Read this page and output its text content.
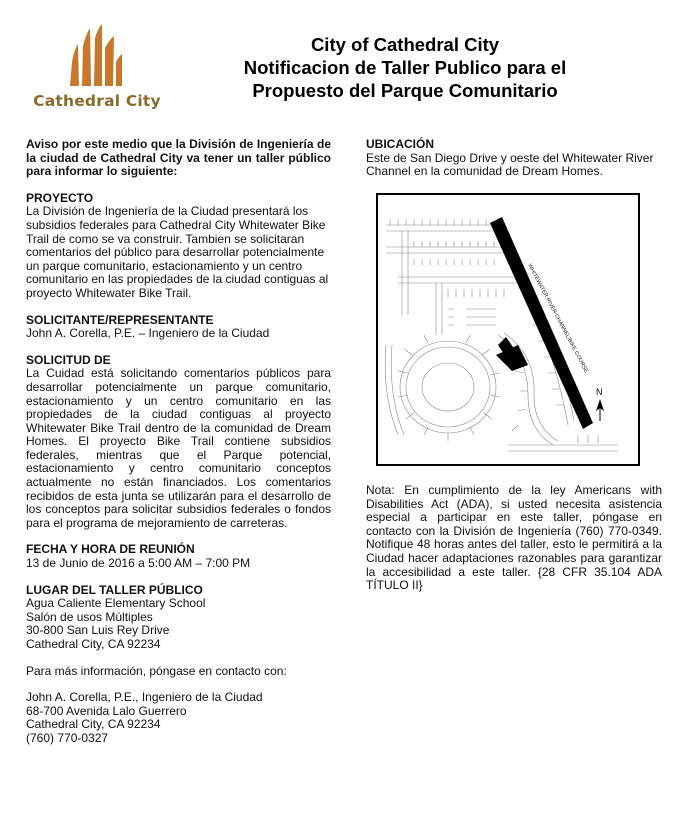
Cathedral City
City of Cathedral City
Notificacion de Taller Publico para el
Propuesto del Parque Comunitario

Aviso por este medio que la División de Ingeniería de la ciudad de Cathedral City va tener un taller público para informar lo siguiente:

PROYECTO

La División de Ingeniería de la Ciudad presentará los subsidios federales para Cathedral City Whitewater Bike Trail de como se va construir. Tambien se solicitaran comentarios del público para desarrollar potencialmente un parque comunitario, estacionamiento y un centro comunitario en las propiedades de la ciudad contiguas al proyecto Whitewater Bike Trail.

SOLICITANTE/REPRESENTANTE

John A. Corella, P.E. – Ingeniero de la Ciudad

SOLICITUD DE

La Cuidad está solicitando comentarios públicos para desarrollar potencialmente un parque comunitario, estacionamiento y un centro comunitario en las propiedades de la ciudad contiguas al proyecto Whitewater Bike Trail dentro de la comunidad de Dream Homes. El proyecto Bike Trail contiene subsidios federales, mientras que el Parque potencial, estacionamiento y centro comunitario conceptos actualmente no están financiados. Los comentarios recibidos de esta junta se utilizarán para el desarrollo de los conceptos para solicitar subsidios federales o fondos para el programa de mejoramiento de carreteras.

FECHA Y HORA DE REUNIÓN

13 de Junio de 2016 a 5:00 AM – 7:00 PM

LUGAR DEL TALLER PÚBLICO

Agua Caliente Elementary School

Salón de usos Múltiples

30-800 San Luis Rey Drive

Cathedral City, CA 92234

Para más información, póngase en contacto con:

John A. Corella, P.E., Ingeniero de la Ciudad

68-700 Avenida Lalo Guerrero

Cathedral City, CA 92234

(760) 770-0327

UBICACIÓN

Este de San Diego Drive y oeste del Whitewater River Channel en la comunidad de Dream Homes.

WHITEWATER RIVER CHANNEL/BIKE COURSE
N
Nota: En cumplimiento de la ley Americans with Disabilities Act (ADA), si usted necesita asistencia especial a participar en este taller, póngase en contacto con la División de Ingeniería (760) 770-0349. Notifique 48 horas antes del taller, esto le permitirá a la Ciudad hacer adaptaciones razonables para garantizar la accesibilidad a este taller. {28 CFR 35.104 ADA TÍTULO II}
